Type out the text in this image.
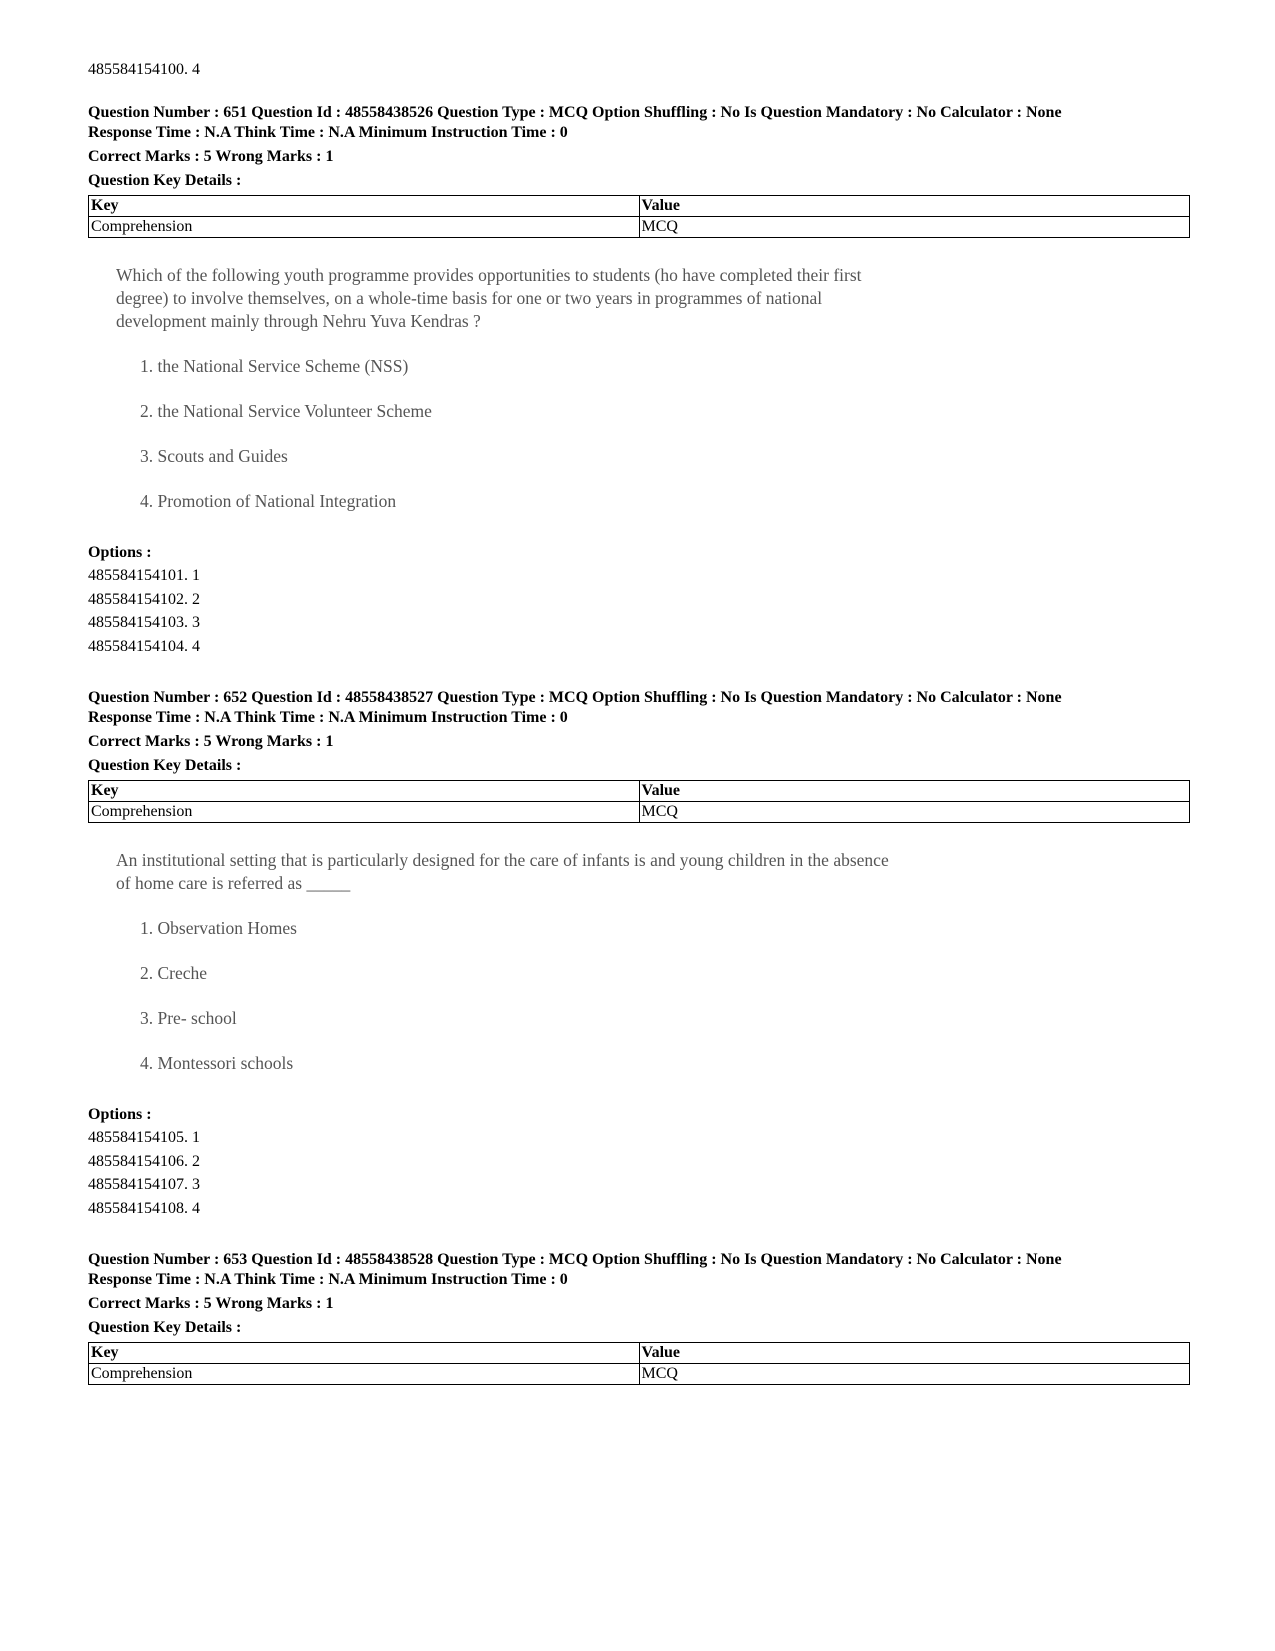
485584154100. 4
Question Number : 651 Question Id : 48558438526 Question Type : MCQ Option Shuffling : No Is Question Mandatory : No Calculator : None
Response Time : N.A Think Time : N.A Minimum Instruction Time : 0
Correct Marks : 5 Wrong Marks : 1
Question Key Details :
Key	Value
Comprehension	MCQ
Which of the following youth programme provides opportunities to students (ho have completed their first
degree) to involve themselves, on a whole-time basis for one or two years in programmes of national
development mainly through Nehru Yuva Kendras ?
1. the National Service Scheme (NSS)
2. the National Service Volunteer Scheme
3. Scouts and Guides
4. Promotion of National Integration
Options :
485584154101. 1
485584154102. 2
485584154103. 3
485584154104. 4
Question Number : 652 Question Id : 48558438527 Question Type : MCQ Option Shuffling : No Is Question Mandatory : No Calculator : None
Response Time : N.A Think Time : N.A Minimum Instruction Time : 0
Correct Marks : 5 Wrong Marks : 1
Question Key Details :
Key	Value
Comprehension	MCQ
An institutional setting that is particularly designed for the care of infants is and young children in the absence
of home care is referred as _____
1. Observation Homes
2. Creche
3. Pre- school
4. Montessori schools
Options :
485584154105. 1
485584154106. 2
485584154107. 3
485584154108. 4
Question Number : 653 Question Id : 48558438528 Question Type : MCQ Option Shuffling : No Is Question Mandatory : No Calculator : None
Response Time : N.A Think Time : N.A Minimum Instruction Time : 0
Correct Marks : 5 Wrong Marks : 1
Question Key Details :
Key	Value
Comprehension	MCQ
